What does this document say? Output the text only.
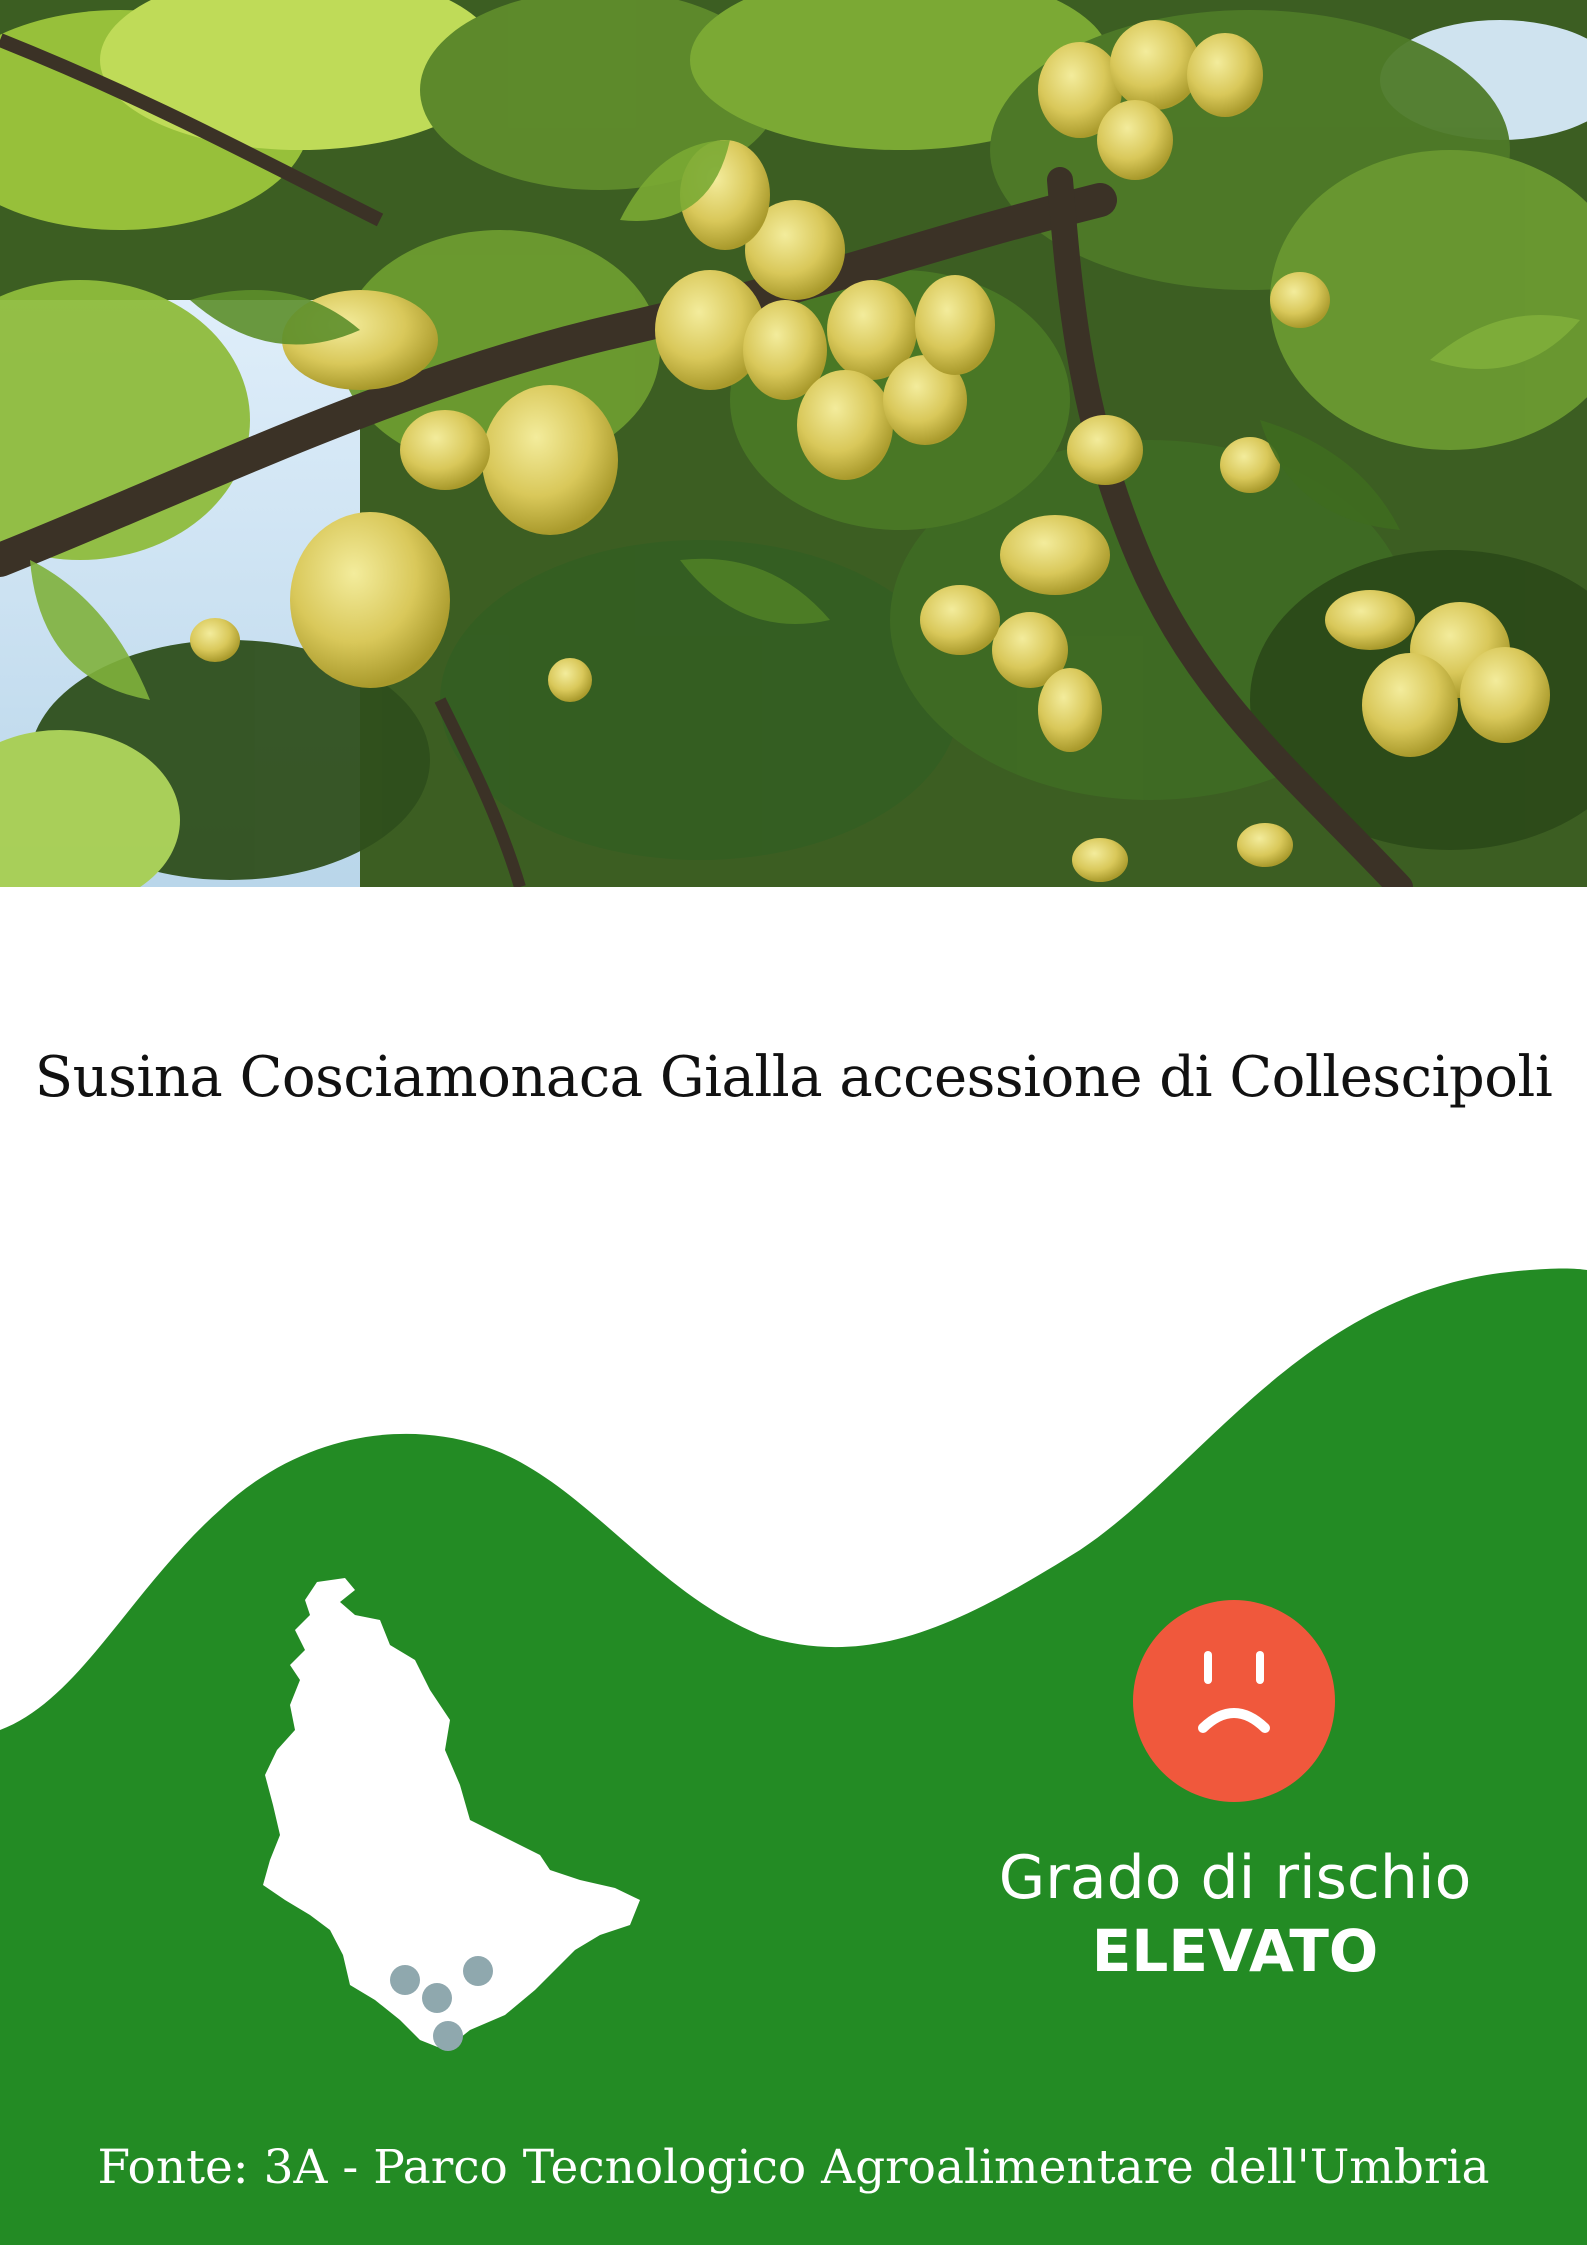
Susina Cosciamonaca Gialla accessione di Collescipoli
Grado di rischio
ELEVATO
Fonte: 3A - Parco Tecnologico Agroalimentare dell'Umbria
